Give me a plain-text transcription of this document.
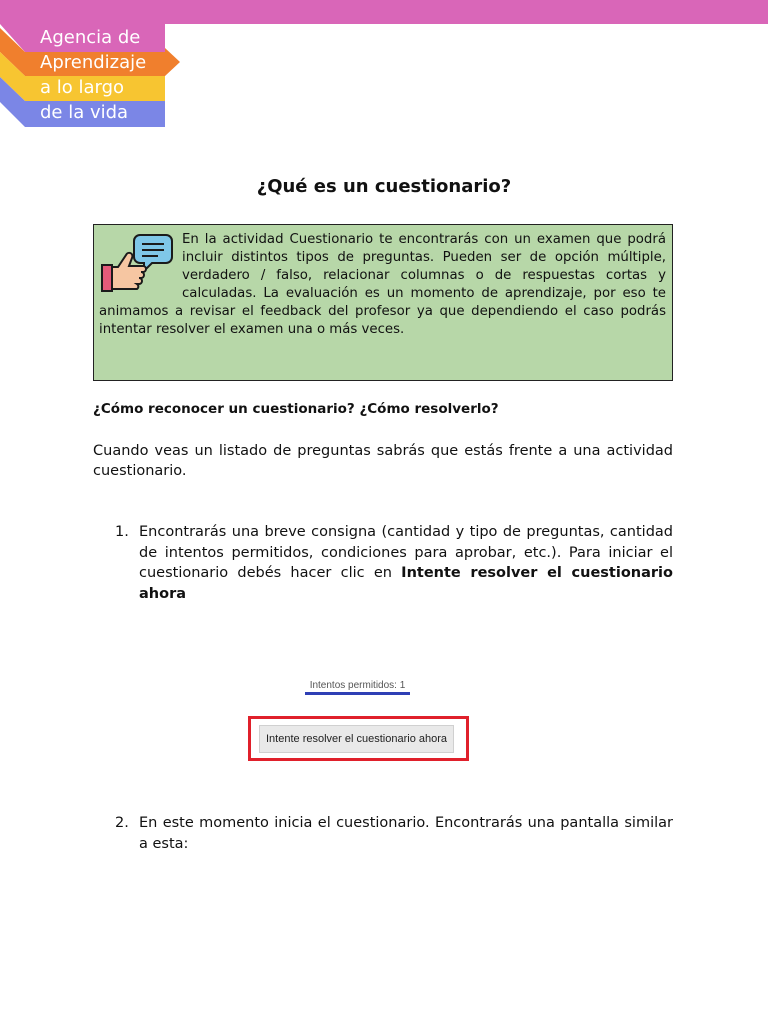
Agencia de
Aprendizaje
a lo largo
de la vida
¿Qué es un cuestionario?
En la actividad Cuestionario te encontrarás con un examen que podrá incluir distintos tipos de preguntas. Pueden ser de opción múltiple, verdadero / falso, relacionar columnas o de respuestas cortas y calculadas. La evaluación es un momento de aprendizaje, por eso te animamos a revisar el feedback del profesor ya que dependiendo el caso podrás intentar resolver el examen una o más veces.
¿Cómo reconocer un cuestionario? ¿Cómo resolverlo?
Cuando veas un listado de preguntas sabrás que estás frente a una actividad cuestionario.
1. Encontrarás una breve consigna (cantidad y tipo de preguntas, cantidad de intentos permitidos, condiciones para aprobar, etc.). Para iniciar el cuestionario debés hacer clic en Intente resolver el cuestionario ahora
Intentos permitidos: 1
Intente resolver el cuestionario ahora
2. En este momento inicia el cuestionario. Encontrarás una pantalla similar a esta:
